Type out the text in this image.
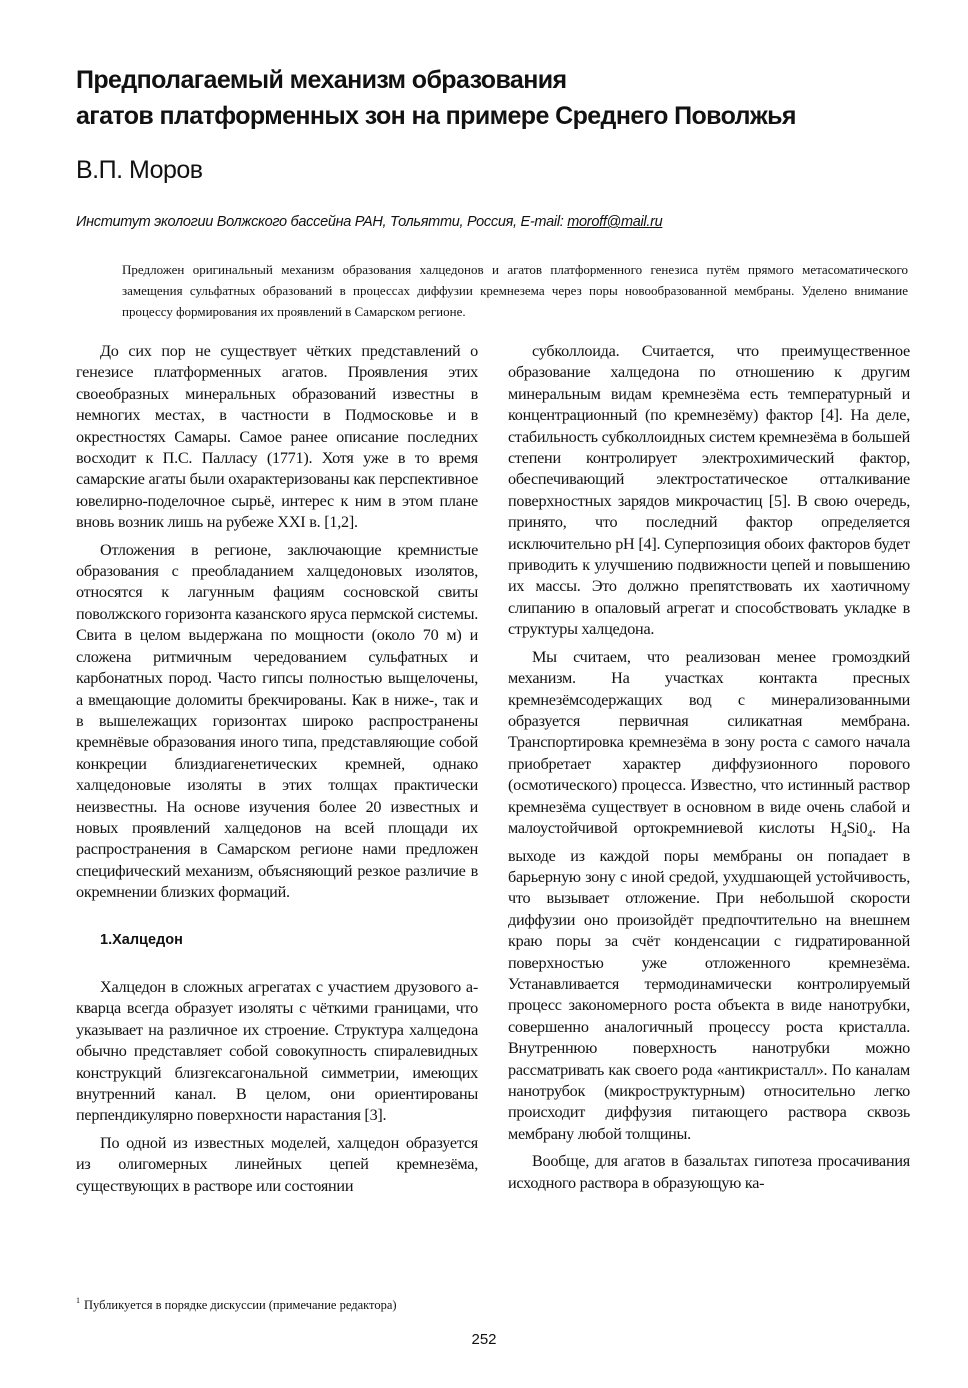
Предполагаемый механизм образования
агатов платформенных зон на примере Среднего Поволжья
В.П. Моров
Институт экологии Волжского бассейна РАН, Тольятти, Россия, E-mail: moroff@mail.ru
Предложен оригинальный механизм образования халцедонов и агатов платформенного генезиса путём прямого метасоматического замещения сульфатных образований в процессах диффузии кремнезема через поры новообразованной мембраны. Уделено внимание процессу формирования их проявлений в Самарском регионе.

До сих пор не существует чётких представлений о генезисе платформенных агатов. Проявления этих своеобразных минеральных образований известны в немногих местах, в частности в Подмосковье и в окрестностях Самары. Самое ранее описание последних восходит к П.С. Палласу (1771). Хотя уже в то время самарские агаты были охарактеризованы как перспективное ювелирно-поделочное сырьё, интерес к ним в этом плане вновь возник лишь на рубеже XXI в. [1,2].

Отложения в регионе, заключающие кремнистые образования с преобладанием халцедоновых изолятов, относятся к лагунным фациям сосновской свиты поволжского горизонта казанского яруса пермской системы. Свита в целом выдержана по мощности (около 70 м) и сложена ритмичным чередованием сульфатных и карбонатных пород. Часто гипсы полностью выщелочены, а вмещающие доломиты брекчированы. Как в ниже-, так и в вышележащих горизонтах широко распространены кремнёвые образования иного типа, представляющие собой конкреции близдиагенетических кремней, однако халцедоновые изоляты в этих толщах практически неизвестны. На основе изучения более 20 известных и новых проявлений халцедонов на всей площади их распространения в Самарском регионе нами предложен специфический механизм, объясняющий резкое различие в окремнении близких формаций.

1.Халцедон

Халцедон в сложных агрегатах с участием друзового а-кварца всегда образует изоляты с чёткими границами, что указывает на различное их строение. Структура халцедона обычно представляет собой совокупность спиралевидных конструкций близгексагональной симметрии, имеющих внутренний канал. В целом, они ориентированы перпендикулярно поверхности нарастания [3].

По одной из известных моделей, халцедон образуется из олигомерных линейных цепей кремнезёма, существующих в растворе или состоянии

субколлоида. Считается, что преимущественное образование халцедона по отношению к другим минеральным видам кремнезёма есть температурный и концентрационный (по кремнезёму) фактор [4]. На деле, стабильность субколлоидных систем кремнезёма в большей степени контролирует электрохимический фактор, обеспечивающий электростатическое отталкивание поверхностных зарядов микрочастиц [5]. В свою очередь, принято, что последний фактор определяется исключительно pH [4]. Суперпозиция обоих факторов будет приводить к улучшению подвижности цепей и повышению их массы. Это должно препятствовать их хаотичному слипанию в опаловый агрегат и способствовать укладке в структуры халцедона.

Мы считаем, что реализован менее громоздкий механизм. На участках контакта пресных кремнезёмсодержащих вод с минерализованными образуется первичная силикатная мембрана. Транспортировка кремнезёма в зону роста с самого начала приобретает характер диффузионного порового (осмотического) процесса. Известно, что истинный раствор кремнезёма существует в основном в виде очень слабой и малоустойчивой ортокремниевой кислоты $H_4Si0_4$. На выходе из каждой поры мембраны он попадает в барьерную зону с иной средой, ухудшающей устойчивость, что вызывает отложение. При небольшой скорости диффузии оно произойдёт предпочтительно на внешнем краю поры за счёт конденсации с гидратированной поверхностью уже отложенного кремнезёма. Устанавливается термодинамически контролируемый процесс закономерного роста объекта в виде нанотрубки, совершенно аналогичный процессу роста кристалла. Внутреннюю поверхность нанотрубки можно рассматривать как своего рода «антикристалл». По каналам нанотрубок (микроструктурным) относительно легко происходит диффузия питающего раствора сквозь мембрану любой толщины.

Вообще, для агатов в базальтах гипотеза просачивания исходного раствора в образующую ка-

$^1$ Публикуется в порядке дискуссии (примечание редактора)
252
